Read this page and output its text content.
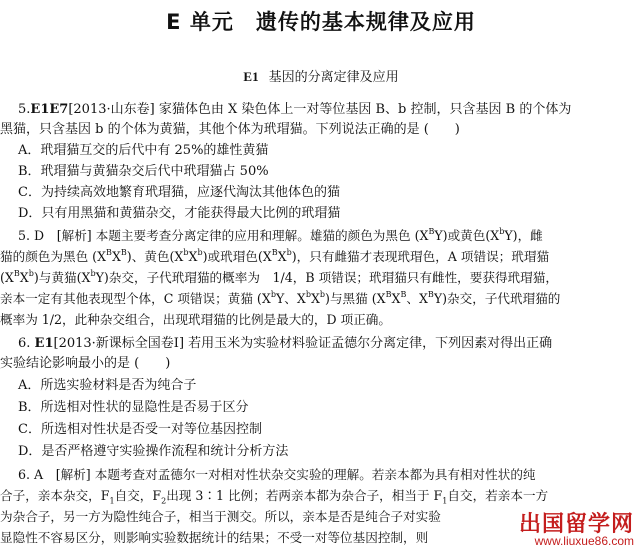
E 单元　遗传的基本规律及应用
E1 基因的分离定律及应用
5.E1E7[2013·山东卷] 家猫体色由 X 染色体上一对等位基因 B、b 控制，只含基因 B 的个体为
黑猫，只含基因 b 的个体为黄猫，其他个体为玳瑁猫。下列说法正确的是 (　　)
A．玳瑁猫互交的后代中有 25%的雄性黄猫
B．玳瑁猫与黄猫杂交后代中玳瑁猫占 50%
C．为持续高效地繁育玳瑁猫，应逐代淘汰其他体色的猫
D．只有用黑猫和黄猫杂交，才能获得最大比例的玳瑁猫
5. D　[解析] 本题主要考查分离定律的应用和理解。雄猫的颜色为黑色 $(X^BY)$或黄色$(X^bY)$，雌
猫的颜色为黑色 $(X^BX^B)$、黄色$(X^bX^b)$或玳瑁色$(X^BX^b)$，只有雌猫才表现玳瑁色，A 项错误；玳瑁猫
$(X^BX^b)$与黄猫$(X^bY)$杂交，子代玳瑁猫的概率为　1/4，B 项错误；玳瑁猫只有雌性，要获得玳瑁猫，
亲本一定有其他表现型个体，C 项错误；黄猫 ($X^bY$、$X^bX^b$)与黑猫 ($X^BX^B$、$X^BY$)杂交，子代玳瑁猫的
概率为 1/2，此种杂交组合，出现玳瑁猫的比例是最大的，D 项正确。
6. E1[2013·新课标全国卷Ⅰ] 若用玉米为实验材料验证孟德尔分离定律，下列因素对得出正确
实验结论影响最小的是 (　　)
A．所选实验材料是否为纯合子
B．所选相对性状的显隐性是否易于区分
C．所选相对性状是否受一对等位基因控制
D．是否严格遵守实验操作流程和统计分析方法
6. A　[解析] 本题考查对孟德尔一对相对性状杂交实验的理解。若亲本都为具有相对性状的纯
合子，亲本杂交，$F_1$自交，$F_2$出现 3∶1 比例；若两亲本都为杂合子，相当于 $F_1$自交，若亲本一方
为杂合子，另一方为隐性纯合子，相当于测交。所以，亲本是否是纯合子对实验
显隐性不容易区分，则影响实验数据统计的结果；不受一对等位基因控制，则
出国留学网
www.liuxue86.com
